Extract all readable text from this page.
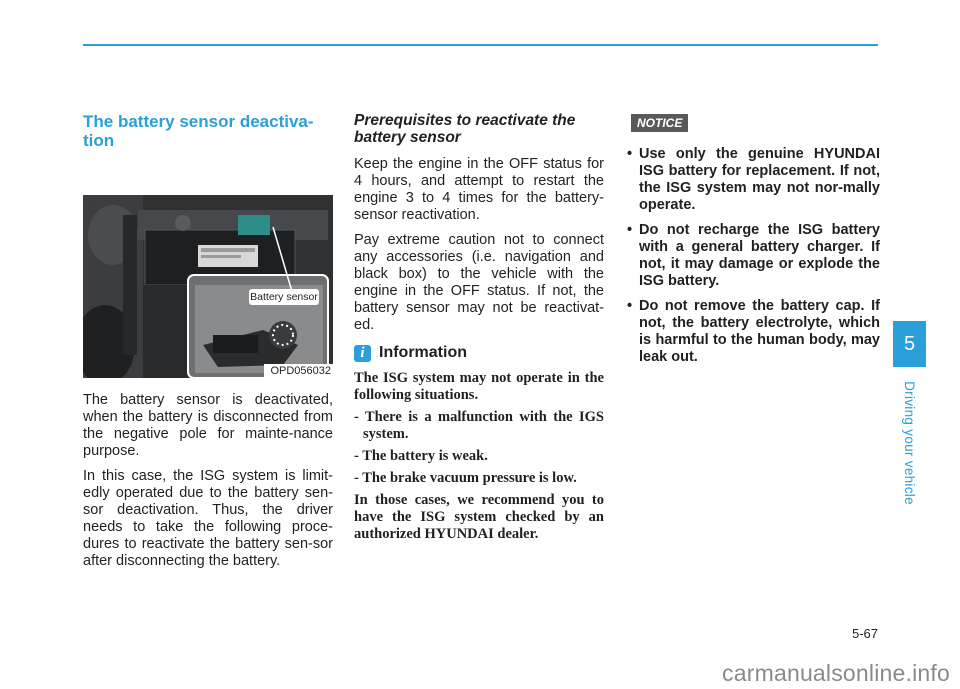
The battery sensor deactiva-
tion
Battery sensor
OPD056032

The battery sensor is deactivated, when the battery is disconnected from the negative pole for mainte-nance purpose.

In this case, the ISG system is limit-edly operated due to the battery sen-sor deactivation. Thus, the driver needs to take the following proce-dures to reactivate the battery sen-sor after disconnecting the battery.

Prerequisites to reactivate the
battery sensor

Keep the engine in the OFF status for 4 hours, and attempt to restart the engine 3 to 4 times for the battery-sensor reactivation.

Pay extreme caution not to connect any accessories (i.e. navigation and black box) to the vehicle with the engine in the OFF status. If not, the battery sensor may not be reactivat-ed.

i Information

The ISG system may not operate in the following situations.

- There is a malfunction with the IGS system.

- The battery is weak.

- The brake vacuum pressure is low.

In those cases, we recommend you to have the ISG system checked by an authorized HYUNDAI dealer.

NOTICE
• Use only the genuine HYUNDAI ISG battery for replacement. If not, the ISG system may not nor-mally operate.
• Do not recharge the ISG battery with a general battery charger. If not, it may damage or explode the ISG battery.
• Do not remove the battery cap. If not, the battery electrolyte, which is harmful to the human body, may leak out.
5
Driving your vehicle
5-67
carmanualsonline.info
